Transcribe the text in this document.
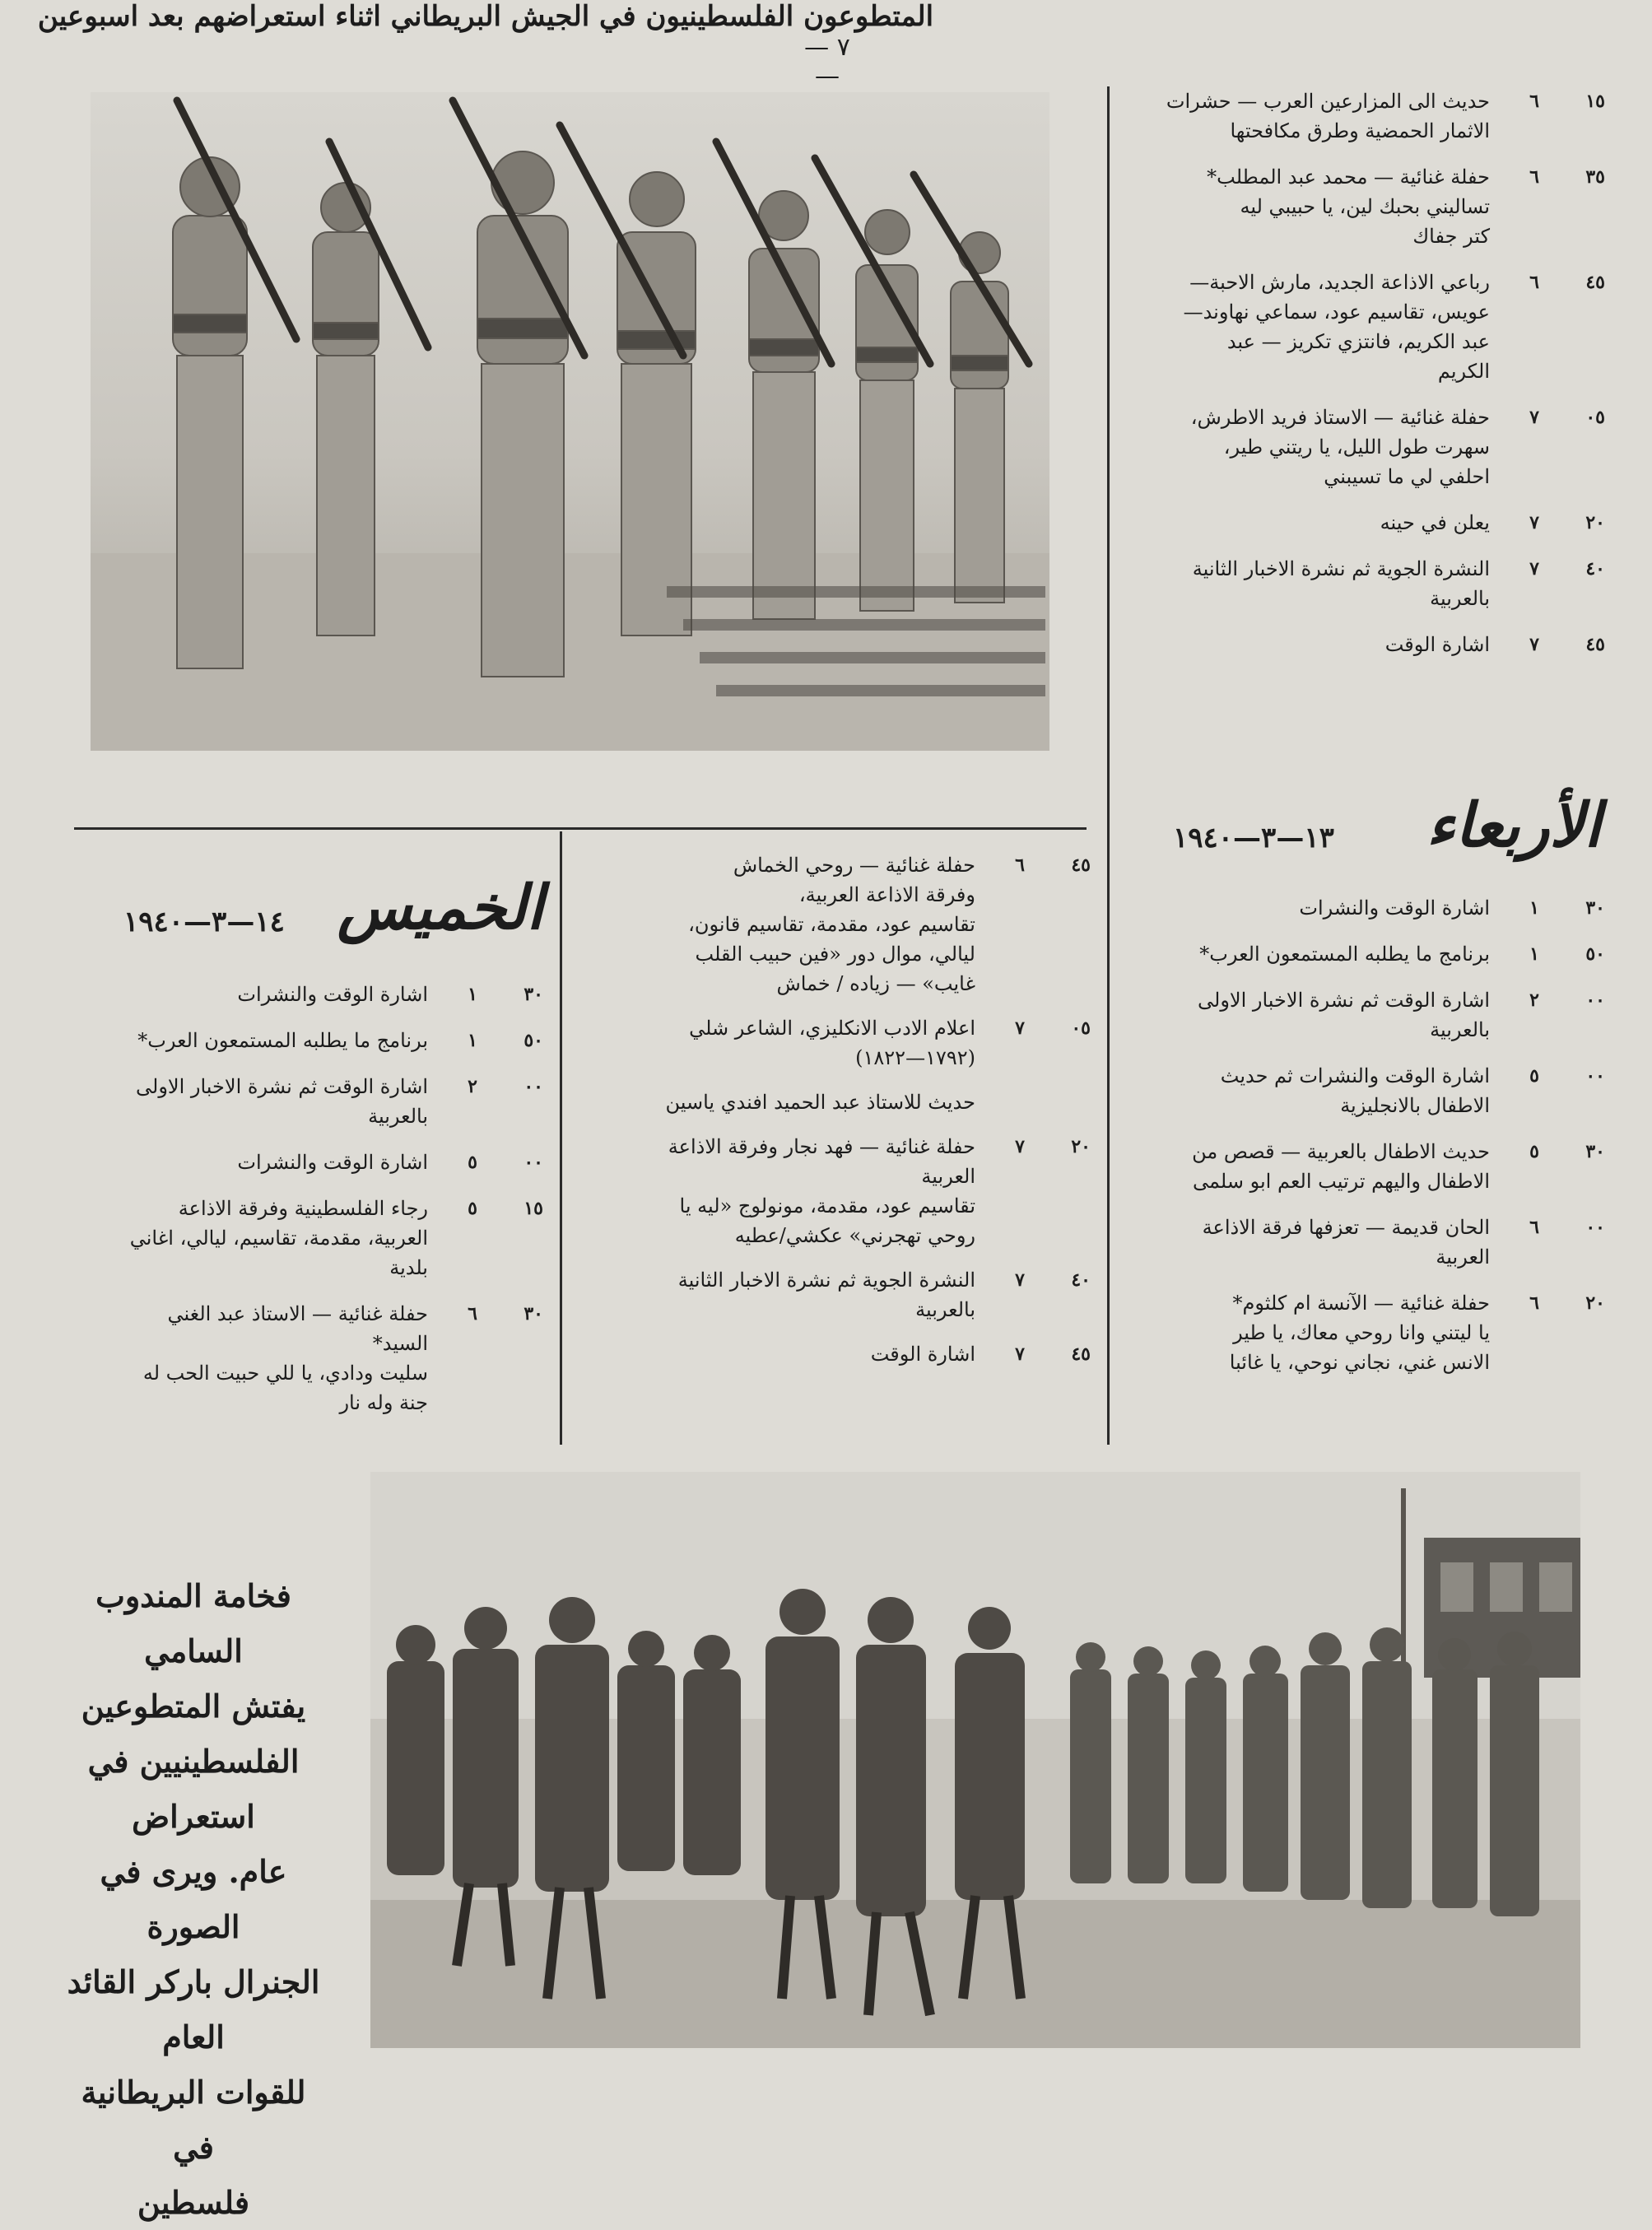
— ٧ —
المتطوعون الفلسطينيون في الجيش البريطاني اثناء استعراضهم بعد اسبوعين
١٥
٦
حديث الى المزارعين العرب — حشرات
الاثمار الحمضية وطرق مكافحتها
٣٥
٦
حفلة غنائية — محمد عبد المطلب*
تساليني بحبك لين، يا حبيبي ليه
كتر جفاك
٤٥
٦
رباعي الاذاعة الجديد، مارش الاحبة—
عويس، تقاسيم عود، سماعي نهاوند—
عبد الكريم، فانتزي تكريز — عبد
الكريم
٠٥
٧
حفلة غنائية — الاستاذ فريد الاطرش،
سهرت طول الليل، يا ريتني طير،
احلفي لي ما تسيبني
٢٠
٧
يعلن في حينه
٤٠
٧
النشرة الجوية ثم نشرة الاخبار الثانية
بالعربية
٤٥
٧
اشارة الوقت
الأربعاء
١٣—٣—١٩٤٠
٣٠
١
اشارة الوقت والنشرات
٥٠
١
برنامج ما يطلبه المستمعون العرب*
٠٠
٢
اشارة الوقت ثم نشرة الاخبار الاولى
بالعربية
٠٠
٥
اشارة الوقت والنشرات ثم حديث
الاطفال بالانجليزية
٣٠
٥
حديث الاطفال بالعربية — قصص من
الاطفال واليهم ترتيب العم ابو سلمى
٠٠
٦
الحان قديمة — تعزفها فرقة الاذاعة
العربية
٢٠
٦
حفلة غنائية — الآنسة ام كلثوم*
يا ليتني وانا روحي معاك، يا طير
الانس غني، نجاني نوحي، يا غائبا
٤٥
٦
حفلة غنائية — روحي الخماش
وفرقة الاذاعة العربية،
تقاسيم عود، مقدمة، تقاسيم قانون،
ليالي، موال دور «فين حبيب القلب
غايب» — زياده / خماش
٠٥
٧
اعلام الادب الانكليزي، الشاعر شلي
(١٧٩٢—١٨٢٢)
حديث للاستاذ عبد الحميد افندي ياسين
٢٠
٧
حفلة غنائية — فهد نجار وفرقة الاذاعة
العربية
تقاسيم عود، مقدمة، مونولوج «ليه يا
روحي تهجرني» عكشي/عطيه
٤٠
٧
النشرة الجوية ثم نشرة الاخبار الثانية
بالعربية
٤٥
٧
اشارة الوقت
الخميس
١٤—٣—١٩٤٠
٣٠
١
اشارة الوقت والنشرات
٥٠
١
برنامج ما يطلبه المستمعون العرب*
٠٠
٢
اشارة الوقت ثم نشرة الاخبار الاولى
بالعربية
٠٠
٥
اشارة الوقت والنشرات
١٥
٥
رجاء الفلسطينية وفرقة الاذاعة
العربية، مقدمة، تقاسيم، ليالي، اغاني
بلدية
٣٠
٦
حفلة غنائية — الاستاذ عبد الغني
السيد*
سليت ودادي، يا للي حبيت الحب له
جنة وله نار
فخامة المندوب السامي
يفتش المتطوعين
الفلسطينيين في استعراض
عام. ويرى في الصورة
الجنرال باركر القائد العام
للقوات البريطانية في
فلسطين
